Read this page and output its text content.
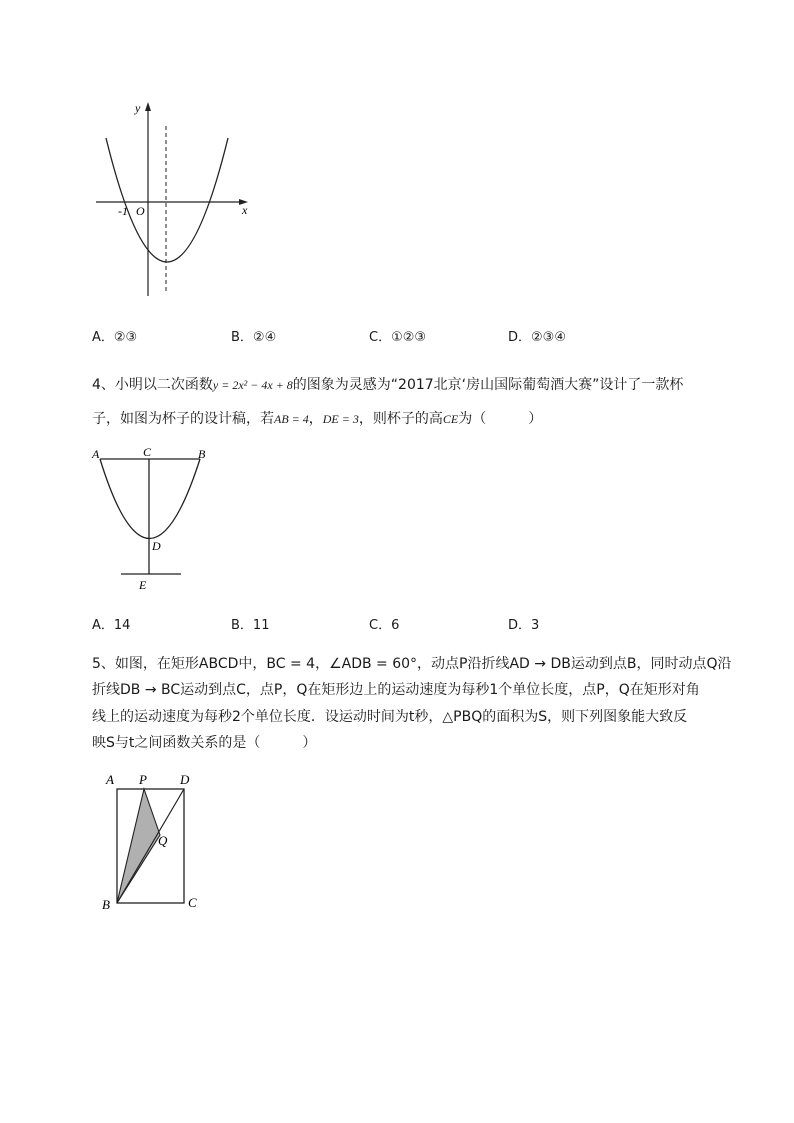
y
x
O
-1
A．②③	B．②④	C．①②③	D．②③④
4、小明以二次函数y = 2x² − 4x + 8的图象为灵感为“2017北京‘房山国际葡萄酒大赛”设计了一款杯
子，如图为杯子的设计稿，若AB = 4，DE = 3，则杯子的高CE为（　　　）
A	C	B
D
E
A．14	B．11	C．6	D．3
5、如图，在矩形ABCD中，BC = 4，∠ADB = 60°，动点P沿折线AD → DB运动到点B，同时动点Q沿
折线DB → BC运动到点C，点P，Q在矩形边上的运动速度为每秒1个单位长度，点P，Q在矩形对角
线上的运动速度为每秒2个单位长度．设运动时间为t秒，△PBQ的面积为S，则下列图象能大致反
映S与t之间函数关系的是（　　　）
A P	D
Q
B	C
